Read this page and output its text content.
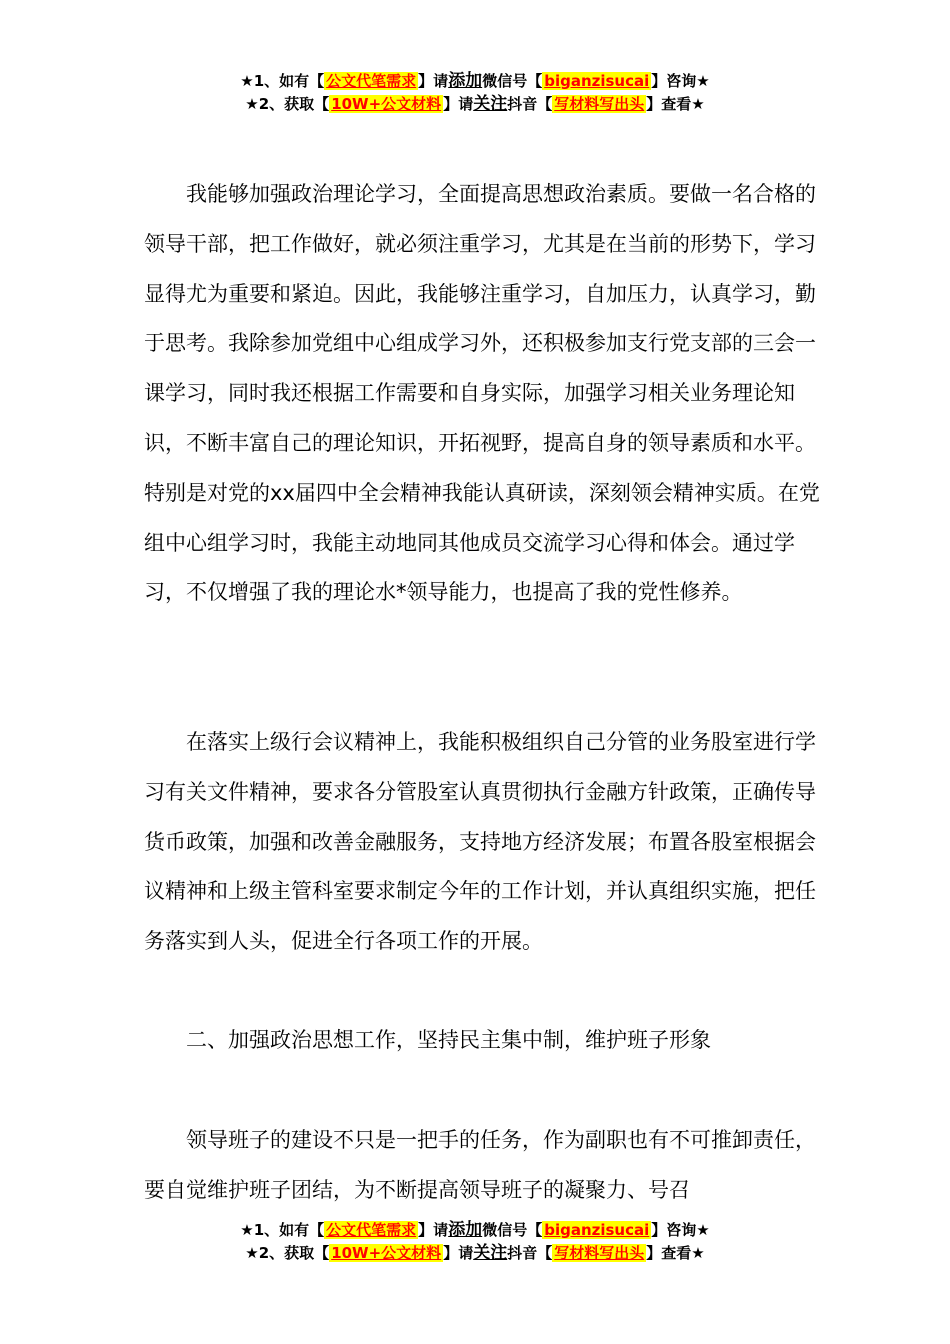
★1、如有【 公文代笔需求 】请添加微信号【 biganzisucai 】咨询★
★2、获取【 10W+公文材料 】请关注抖音【 写材料写出头 】查看★

我能够加强政治理论学习，全面提高思想政治素质。要做一名合格的领导干部，把工作做好，就必须注重学习，尤其是在当前的形势下，学习显得尤为重要和紧迫。因此，我能够注重学习，自加压力，认真学习，勤于思考。我除参加党组中心组成学习外，还积极参加支行党支部的三会一课学习，同时我还根据工作需要和自身实际，加强学习相关业务理论知识，不断丰富自己的理论知识，开拓视野，提高自身的领导素质和水平。特别是对党的xx届四中全会精神我能认真研读，深刻领会精神实质。在党组中心组学习时，我能主动地同其他成员交流学习心得和体会。通过学习，不仅增强了我的理论水*领导能力，也提高了我的党性修养。

在落实上级行会议精神上，我能积极组织自己分管的业务股室进行学习有关文件精神，要求各分管股室认真贯彻执行金融方针政策，正确传导货币政策，加强和改善金融服务，支持地方经济发展；布置各股室根据会议精神和上级主管科室要求制定今年的工作计划，并认真组织实施，把任务落实到人头，促进全行各项工作的开展。

二、加强政治思想工作，坚持民主集中制，维护班子形象

领导班子的建设不只是一把手的任务，作为副职也有不可推卸责任，要自觉维护班子团结，为不断提高领导班子的凝聚力、号召

★1、如有【 公文代笔需求 】请添加微信号【 biganzisucai 】咨询★
★2、获取【 10W+公文材料 】请关注抖音【 写材料写出头 】查看★
